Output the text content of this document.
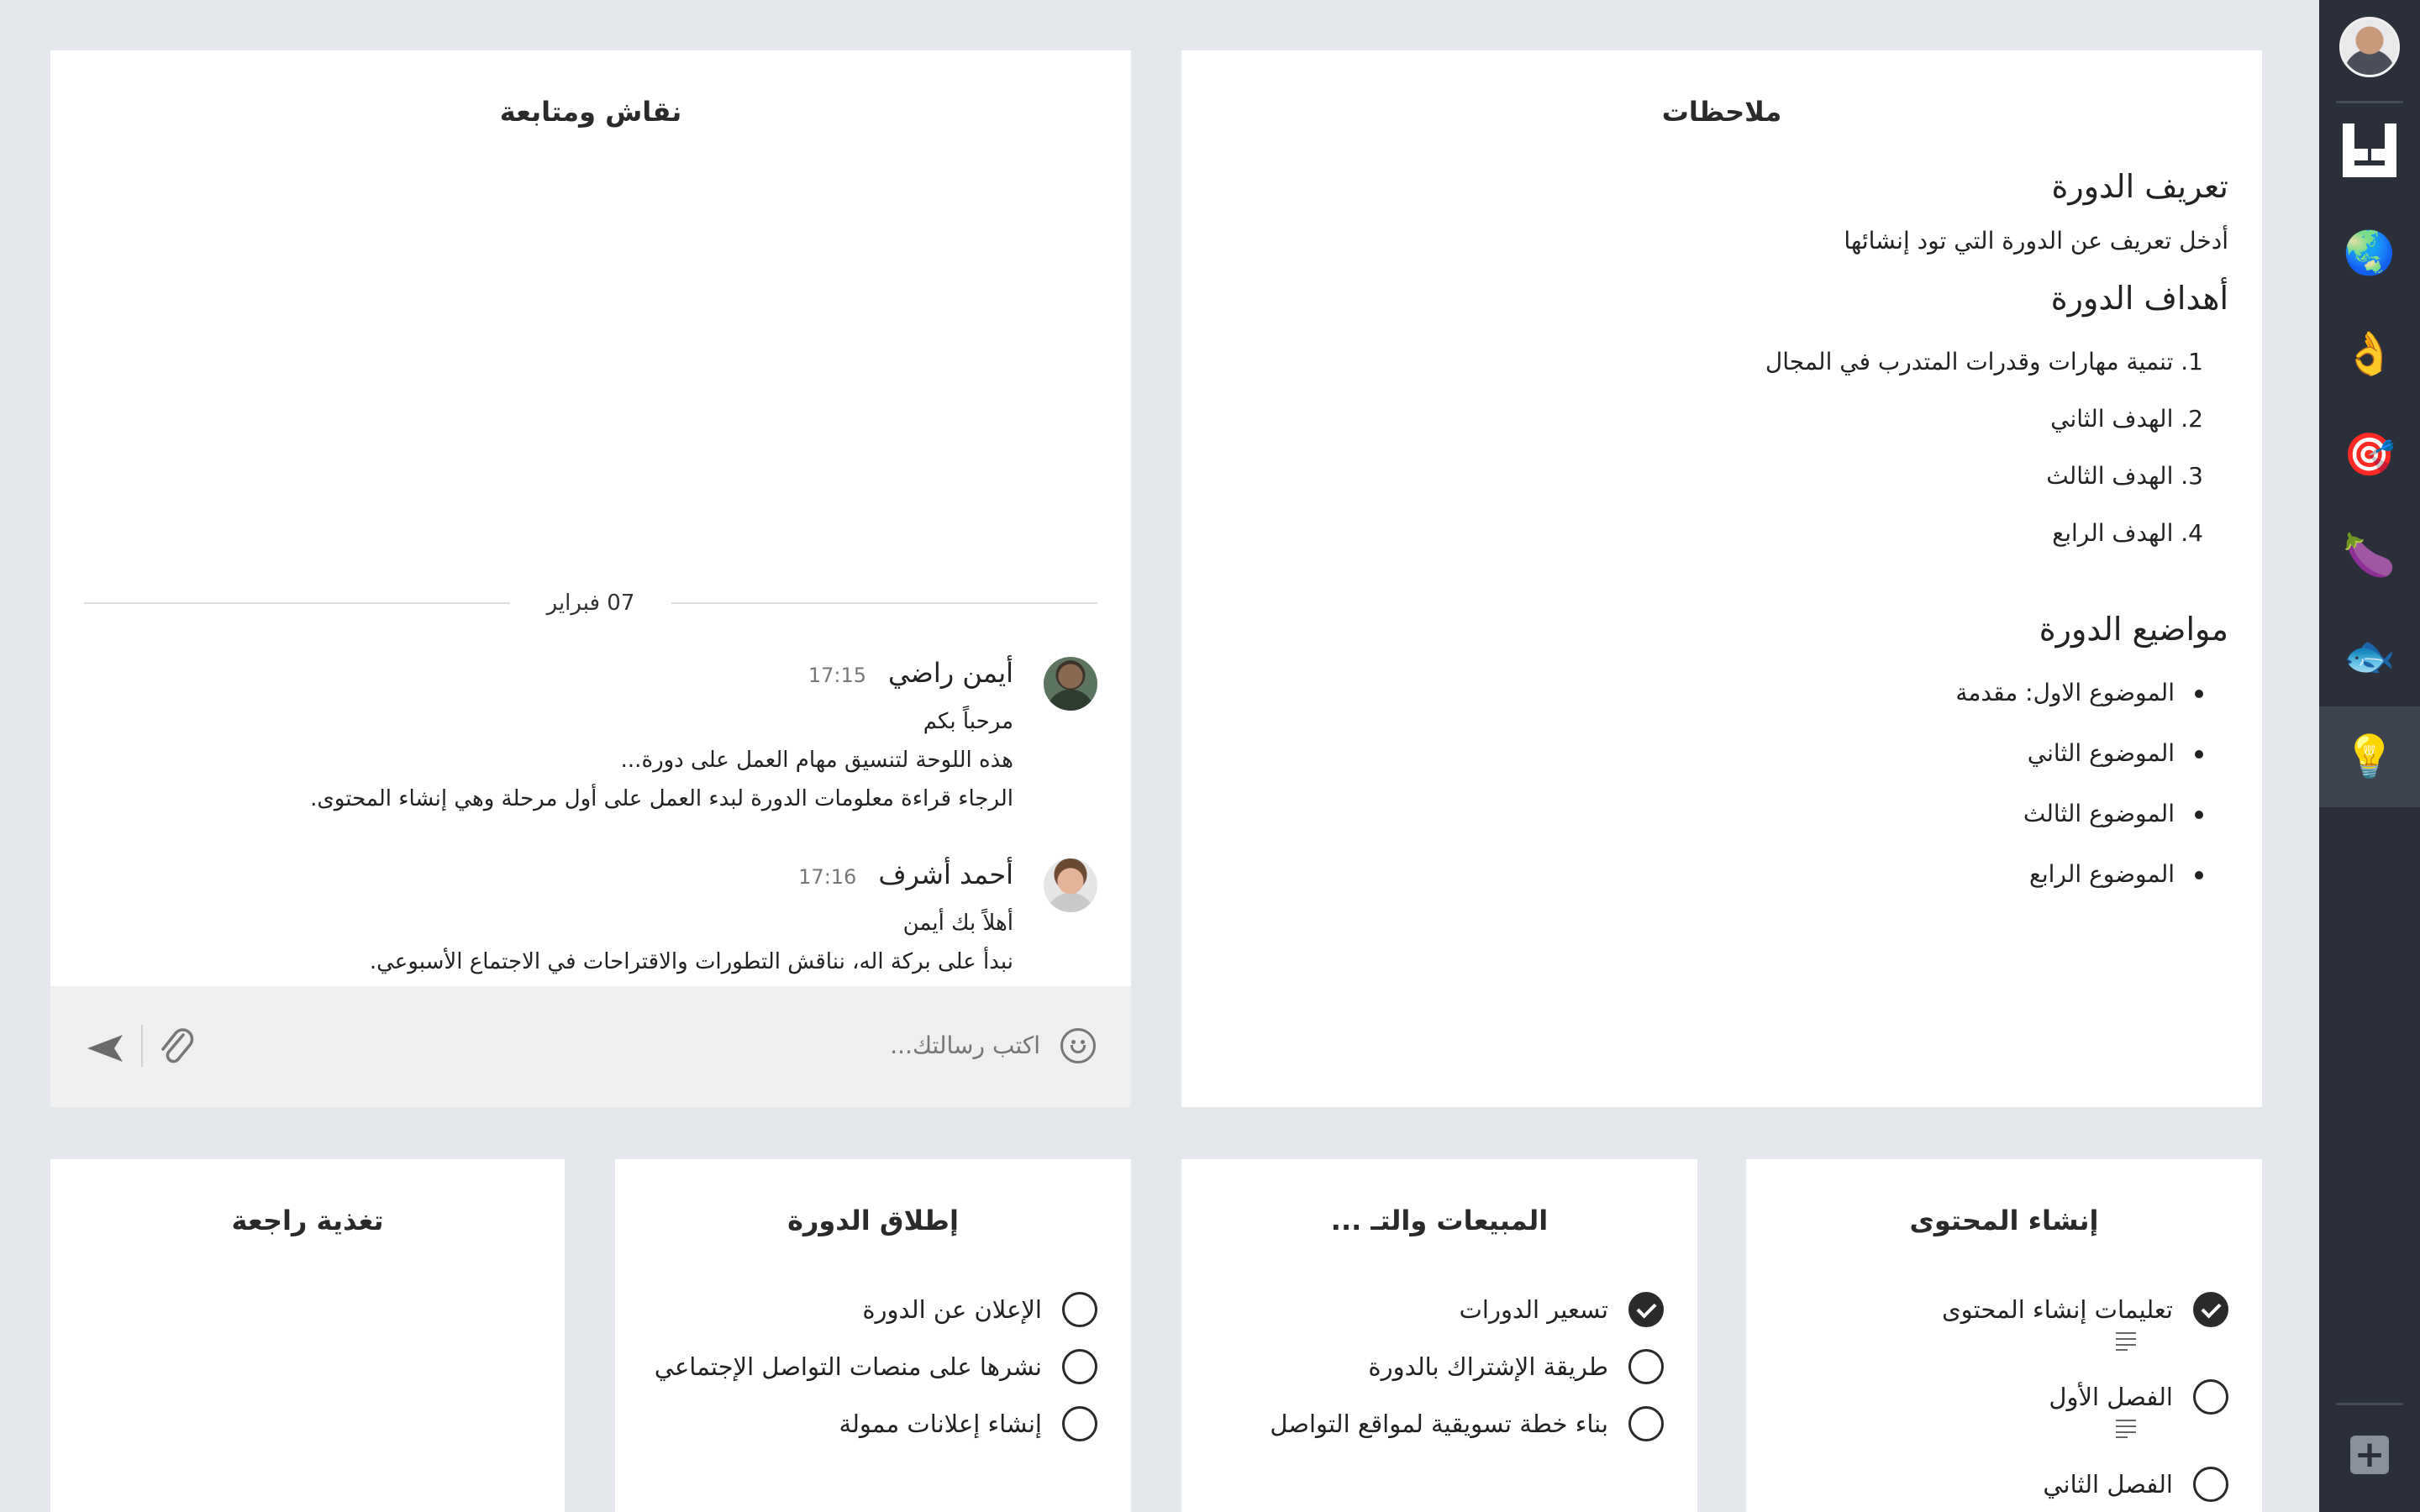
🌏
👌
🎯
🍆
🐟
💡
+
ملاحظات
تعريف الدورة

أدخل تعريف عن الدورة التي تود إنشائها

أهداف الدورة
1. تنمية مهارات وقدرات المتدرب في المجال
2. الهدف الثاني
3. الهدف الثالث
4. الهدف الرابع
مواضيع الدورة
الموضوع الاول: مقدمة
الموضوع الثاني
الموضوع الثالث
الموضوع الرابع
نقاش ومتابعة
07 فبراير
أيمن راضي
17:15
مرحباً بكم
هذه اللوحة لتنسيق مهام العمل على دورة...
الرجاء قراءة معلومات الدورة لبدء العمل على أول مرحلة وهي إنشاء المحتوى.
أحمد أشرف
17:16
أهلاً بك أيمن
نبدأ على بركة اله، نناقش التطورات والاقتراحات في الاجتماع الأسبوعي.
اكتب رسالتك...
إنشاء المحتوى
تعليمات إنشاء المحتوى
الفصل الأول
الفصل الثاني
المبيعات والتـ ...
تسعير الدورات
طريقة الإشتراك بالدورة
بناء خطة تسويقية لمواقع التواصل
إطلاق الدورة
الإعلان عن الدورة
نشرها على منصات التواصل الإجتماعي
إنشاء إعلانات ممولة
تغذية راجعة
